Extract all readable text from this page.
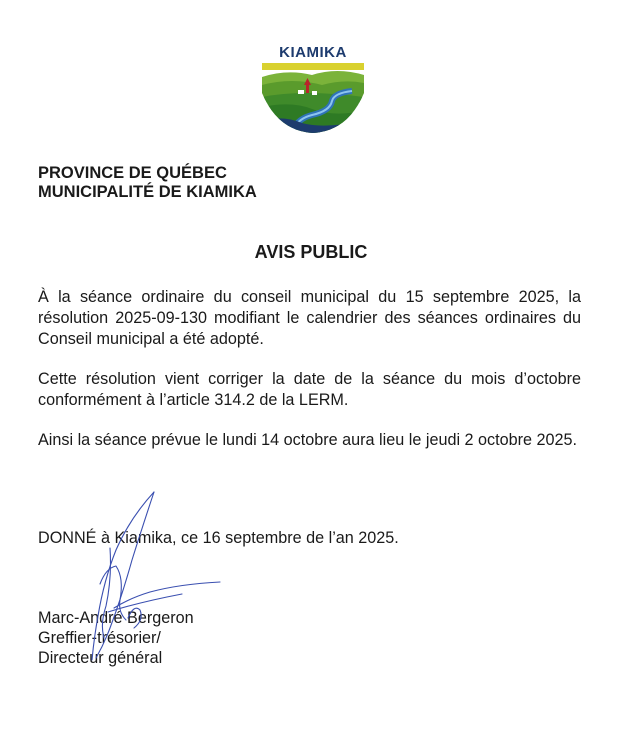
KIAMIKA
PROVINCE DE QUÉBEC
MUNICIPALITÉ DE KIAMIKA
AVIS PUBLIC
À la séance ordinaire du conseil municipal du 15 septembre 2025, la résolution 2025-09-130 modifiant le calendrier des séances ordinaires du Conseil municipal a été adopté.
Cette résolution vient corriger la date de la séance du mois d’octobre conformément à l’article 314.2 de la LERM.
Ainsi la séance prévue le lundi 14 octobre aura lieu le jeudi 2 octobre 2025.
DONNÉ à Kiamika, ce 16 septembre de l’an 2025.
Marc-André Bergeron
Greffier-trésorier/
Directeur général
